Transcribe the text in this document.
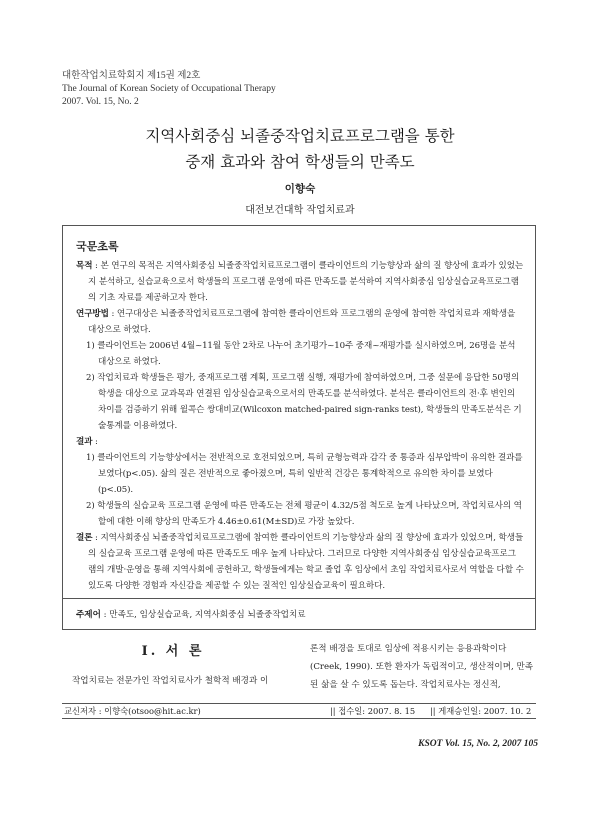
대한작업치료학회지 제15권 제2호
The Journal of Korean Society of Occupational Therapy
2007. Vol. 15, No. 2
지역사회중심 뇌졸중작업치료프로그램을 통한
중재 효과와 참여 학생들의 만족도
이향숙
대전보건대학 작업치료과
국문초록

목적 : 본 연구의 목적은 지역사회중심 뇌졸중작업치료프로그램이 클라이언트의 기능향상과 삶의 질 향상에 효과가 있었는지 분석하고, 실습교육으로서 학생들의 프로그램 운영에 따른 만족도를 분석하여 지역사회중심 임상실습교육프로그램의 기초 자료를 제공하고자 한다.

연구방법 : 연구대상은 뇌졸중작업치료프로그램에 참여한 클라이언트와 프로그램의 운영에 참여한 작업치료과 재학생을 대상으로 하였다.

1) 클라이언트는 2006년 4월~11월 동안 2차로 나누어 초기평가~10주 중재~재평가를 실시하였으며, 26명을 분석 대상으로 하였다.

2) 작업치료과 학생들은 평가, 중재프로그램 계획, 프로그램 실행, 재평가에 참여하였으며, 그중 설문에 응답한 50명의 학생을 대상으로 교과목과 연결된 임상실습교육으로서의 만족도를 분석하였다. 분석은 클라이언트의 전·후 변인의 차이를 검증하기 위해 윌콕슨 쌍대비교(Wilcoxon matched-paired sign-ranks test), 학생들의 만족도분석은 기술통계를 이용하였다.

결과 :

1) 클라이언트의 기능향상에서는 전반적으로 호전되었으며, 특히 균형능력과 감각 중 통증과 심부압박이 유의한 결과를 보였다(p<.05). 삶의 질은 전반적으로 좋아졌으며, 특히 일반적 건강은 통계학적으로 유의한 차이를 보였다(p<.05).

2) 학생들의 실습교육 프로그램 운영에 따른 만족도는 전체 평균이 4.32/5점 척도로 높게 나타났으며, 작업치료사의 역할에 대한 이해 향상의 만족도가 4.46±0.61(M±SD)로 가장 높았다.

결론 : 지역사회중심 뇌졸중작업치료프로그램에 참여한 클라이언트의 기능향상과 삶의 질 향상에 효과가 있었으며, 학생들의 실습교육 프로그램 운영에 따른 만족도도 매우 높게 나타났다. 그러므로 다양한 지역사회중심 임상실습교육프로그램의 개발·운영을 통해 지역사회에 공헌하고, 학생들에게는 학교 졸업 후 임상에서 초임 작업치료사로서 역할을 다할 수 있도록 다양한 경험과 자신감을 제공할 수 있는 질적인 임상실습교육이 필요하다.

주제어 : 만족도, 임상실습교육, 지역사회중심 뇌졸중작업치료
I. 서 론

작업치료는 전문가인 작업치료사가 철학적 배경과 이

론적 배경을 토대로 임상에 적용시키는 응용과학이다(Creek, 1990). 또한 환자가 독립적이고, 생산적이며, 만족된 삶을 살 수 있도록 돕는다. 작업치료사는 정신적,

교신저자 : 이향숙(otsoo@hit.ac.kr)	|| 접수일: 2007. 8. 15 || 게재승인일: 2007. 10. 2
KSOT Vol. 15, No. 2, 2007 105
